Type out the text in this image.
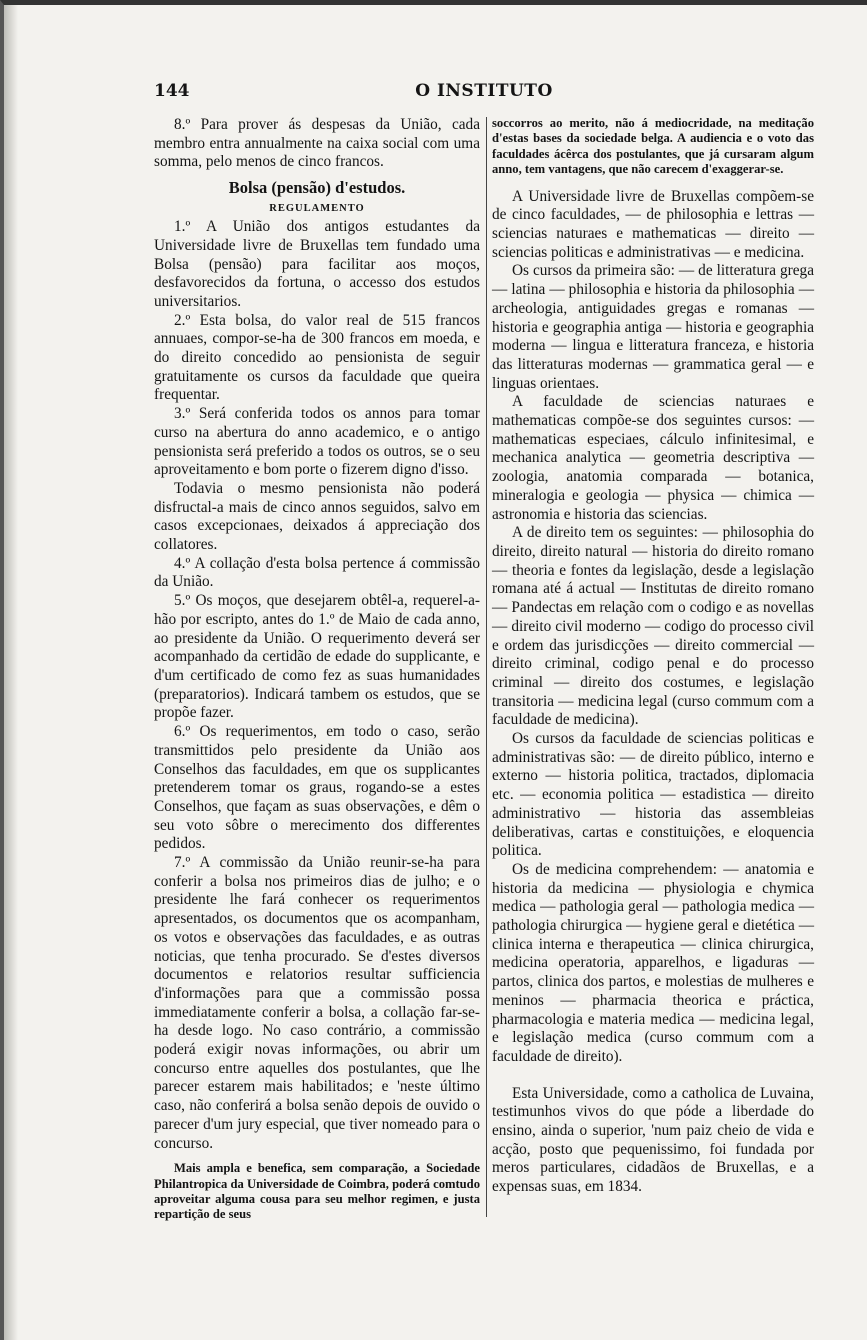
144	O INSTITUTO

8.º Para prover ás despesas da União, cada membro entra annualmente na caixa social com uma somma, pelo menos de cinco francos.

Bolsa (pensão) d'estudos.
REGULAMENTO

1.º A União dos antigos estudantes da Universidade livre de Bruxellas tem fundado uma Bolsa (pensão) para facilitar aos moços, desfavorecidos da fortuna, o accesso dos estudos universitarios.

2.º Esta bolsa, do valor real de 515 francos annuaes, compor-se-ha de 300 francos em moeda, e do direito concedido ao pensionista de seguir gratuitamente os cursos da faculdade que queira frequentar.

3.º Será conferida todos os annos para tomar curso na abertura do anno academico, e o antigo pensionista será preferido a todos os outros, se o seu aproveitamento e bom porte o fizerem digno d'isso.

Todavia o mesmo pensionista não poderá disfructal-a mais de cinco annos seguidos, salvo em casos excepcionaes, deixados á appreciação dos collatores.

4.º A collação d'esta bolsa pertence á commissão da União.

5.º Os moços, que desejarem obtêl-a, requerel-a-hão por escripto, antes do 1.º de Maio de cada anno, ao presidente da União. O requerimento deverá ser acompanhado da certidão de edade do supplicante, e d'um certificado de como fez as suas humanidades (preparatorios). Indicará tambem os estudos, que se propõe fazer.

6.º Os requerimentos, em todo o caso, serão transmittidos pelo presidente da União aos Conselhos das faculdades, em que os supplicantes pretenderem tomar os graus, rogando-se a estes Conselhos, que façam as suas observações, e dêm o seu voto sôbre o merecimento dos differentes pedidos.

7.º A commissão da União reunir-se-ha para conferir a bolsa nos primeiros dias de julho; e o presidente lhe fará conhecer os requerimentos apresentados, os documentos que os acompanham, os votos e observações das faculdades, e as outras noticias, que tenha procurado. Se d'estes diversos documentos e relatorios resultar sufficiencia d'informações para que a commissão possa immediatamente conferir a bolsa, a collação far-se-ha desde logo. No caso contrário, a commissão poderá exigir novas informações, ou abrir um concurso entre aquelles dos postulantes, que lhe parecer estarem mais habilitados; e 'neste último caso, não conferirá a bolsa senão depois de ouvido o parecer d'um jury especial, que tiver nomeado para o concurso.

Mais ampla e benefica, sem comparação, a Sociedade Philantropica da Universidade de Coimbra, poderá comtudo aproveitar alguma cousa para seu melhor regimen, e justa repartição de seus

soccorros ao merito, não á mediocridade, na meditação d'estas bases da sociedade belga. A audiencia e o voto das faculdades ácêrca dos postulantes, que já cursaram algum anno, tem vantagens, que não carecem d'exaggerar-se.

A Universidade livre de Bruxellas compõem-se de cinco faculdades, — de philosophia e lettras — sciencias naturaes e mathematicas — direito — sciencias politicas e administrativas — e medicina.

Os cursos da primeira são: — de litteratura grega — latina — philosophia e historia da philosophia — archeologia, antiguidades gregas e romanas — historia e geographia antiga — historia e geographia moderna — lingua e litteratura franceza, e historia das litteraturas modernas — grammatica geral — e linguas orientaes.

A faculdade de sciencias naturaes e mathematicas compõe-se dos seguintes cursos: — mathematicas especiaes, cálculo infinitesimal, e mechanica analytica — geometria descriptiva — zoologia, anatomia comparada — botanica, mineralogia e geologia — physica — chimica — astronomia e historia das sciencias.

A de direito tem os seguintes: — philosophia do direito, direito natural — historia do direito romano — theoria e fontes da legislação, desde a legislação romana até á actual — Institutas de direito romano — Pandectas em relação com o codigo e as novellas — direito civil moderno — codigo do processo civil e ordem das jurisdicções — direito commercial — direito criminal, codigo penal e do processo criminal — direito dos costumes, e legislação transitoria — medicina legal (curso commum com a faculdade de medicina).

Os cursos da faculdade de sciencias politicas e administrativas são: — de direito público, interno e externo — historia politica, tractados, diplomacia etc. — economia politica — estadistica — direito administrativo — historia das assembleias deliberativas, cartas e constituições, e eloquencia politica.

Os de medicina comprehendem: — anatomia e historia da medicina — physiologia e chymica medica — pathologia geral — pathologia medica — pathologia chirurgica — hygiene geral e dietética — clinica interna e therapeutica — clinica chirurgica, medicina operatoria, apparelhos, e ligaduras — partos, clinica dos partos, e molestias de mulheres e meninos — pharmacia theorica e práctica, pharmacologia e materia medica — medicina legal, e legislação medica (curso commum com a faculdade de direito).

Esta Universidade, como a catholica de Luvaina, testimunhos vivos do que póde a liberdade do ensino, ainda o superior, 'num paiz cheio de vida e acção, posto que pequenissimo, foi fundada por meros particulares, cidadãos de Bruxellas, e a expensas suas, em 1834.
